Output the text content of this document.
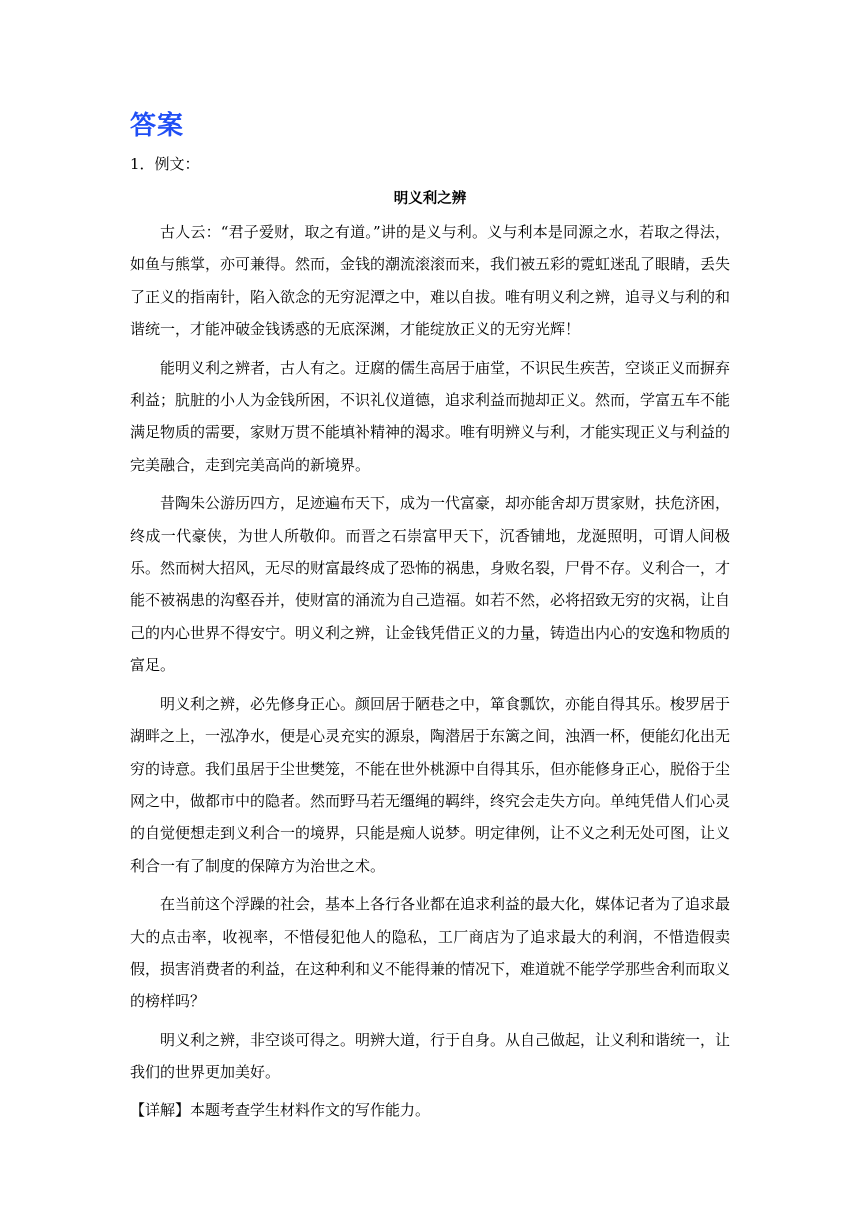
答案
1．例文：
明义利之辨

古人云：“君子爱财，取之有道。”讲的是义与利。义与利本是同源之水，若取之得法，如鱼与熊掌，亦可兼得。然而，金钱的潮流滚滚而来，我们被五彩的霓虹迷乱了眼睛，丢失了正义的指南针，陷入欲念的无穷泥潭之中，难以自拔。唯有明义利之辨，追寻义与利的和谐统一，才能冲破金钱诱惑的无底深渊，才能绽放正义的无穷光辉！

能明义利之辨者，古人有之。迂腐的儒生高居于庙堂，不识民生疾苦，空谈正义而摒弃利益；肮脏的小人为金钱所困，不识礼仪道德，追求利益而抛却正义。然而，学富五车不能满足物质的需要，家财万贯不能填补精神的渴求。唯有明辨义与利，才能实现正义与利益的完美融合，走到完美高尚的新境界。

昔陶朱公游历四方，足迹遍布天下，成为一代富豪，却亦能舍却万贯家财，扶危济困，终成一代豪侠，为世人所敬仰。而晋之石崇富甲天下，沉香铺地，龙涎照明，可谓人间极乐。然而树大招风，无尽的财富最终成了恐怖的祸患，身败名裂，尸骨不存。义利合一，才能不被祸患的沟壑吞并，使财富的涌流为自己造福。如若不然，必将招致无穷的灾祸，让自己的内心世界不得安宁。明义利之辨，让金钱凭借正义的力量，铸造出内心的安逸和物质的富足。

明义利之辨，必先修身正心。颜回居于陋巷之中，箪食瓢饮，亦能自得其乐。梭罗居于湖畔之上，一泓净水，便是心灵充实的源泉，陶潜居于东篱之间，浊酒一杯，便能幻化出无穷的诗意。我们虽居于尘世樊笼，不能在世外桃源中自得其乐，但亦能修身正心，脱俗于尘网之中，做都市中的隐者。然而野马若无缰绳的羁绊，终究会走失方向。单纯凭借人们心灵的自觉便想走到义利合一的境界，只能是痴人说梦。明定律例，让不义之利无处可图，让义利合一有了制度的保障方为治世之术。

在当前这个浮躁的社会，基本上各行各业都在追求利益的最大化，媒体记者为了追求最大的点击率，收视率，不惜侵犯他人的隐私，工厂商店为了追求最大的利润，不惜造假卖假，损害消费者的利益，在这种利和义不能得兼的情况下，难道就不能学学那些舍利而取义的榜样吗？

明义利之辨，非空谈可得之。明辨大道，行于自身。从自己做起，让义利和谐统一，让我们的世界更加美好。

【详解】本题考查学生材料作文的写作能力。
